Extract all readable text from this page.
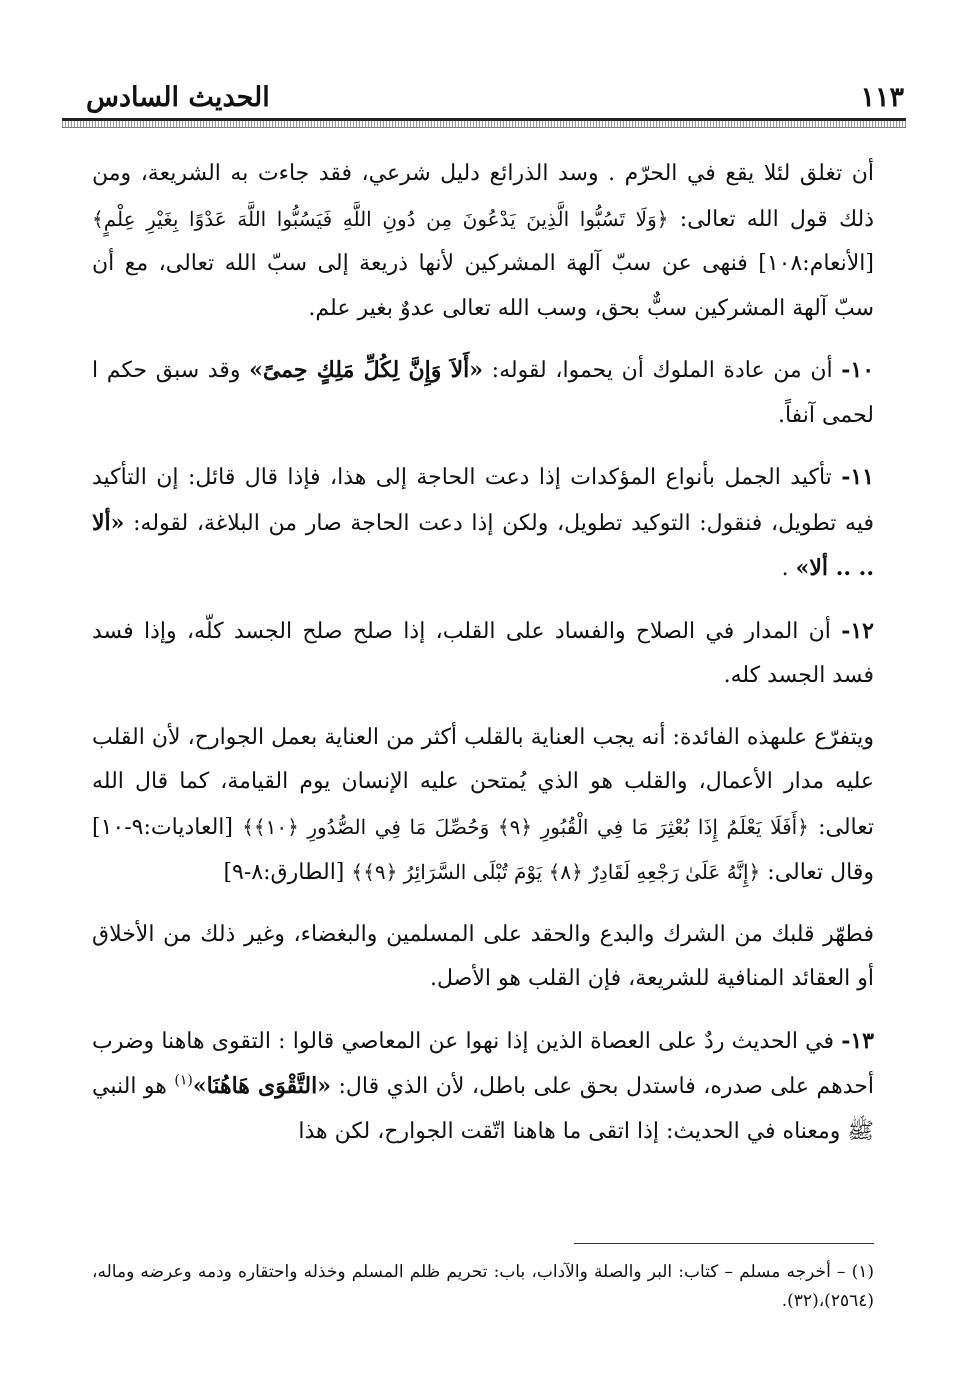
الحديث السادس	١١٣

أن تغلق لئلا يقع في الحرّم . وسد الذرائع دليل شرعي، فقد جاءت به الشريعة، ومن ذلك قول الله تعالى: ﴿وَلَا تَسُبُّوا الَّذِينَ يَدْعُونَ مِن دُونِ اللَّهِ فَيَسُبُّوا اللَّهَ عَدْوًا بِغَيْرِ عِلْمٍ﴾ [الأنعام:١٠٨] فنهى عن سبّ آلهة المشركين لأنها ذريعة إلى سبّ الله تعالى، مع أن سبّ آلهة المشركين سبٌّ بحق، وسب الله تعالى عدوٌ بغير علم.

١٠- أن من عادة الملوك أن يحموا، لقوله: «أَلاَ وَإِنَّ لِكُلِّ مَلِكٍ حِمىً» وقد سبق حكم ا لحمى آنفاً.

١١- تأكيد الجمل بأنواع المؤكدات إذا دعت الحاجة إلى هذا، فإذا قال قائل: إن التأكيد فيه تطويل، فنقول: التوكيد تطويل، ولكن إذا دعت الحاجة صار من البلاغة، لقوله: «ألا .. .. ألا» .

١٢- أن المدار في الصلاح والفساد على القلب، إذا صلح صلح الجسد كلّه، وإذا فسد فسد الجسد كله.

ويتفرّع علىهذه الفائدة: أنه يجب العناية بالقلب أكثر من العناية بعمل الجوارح، لأن القلب عليه مدار الأعمال، والقلب هو الذي يُمتحن عليه الإنسان يوم القيامة، كما قال الله تعالى: ﴿أَفَلَا يَعْلَمُ إِذَا بُعْثِرَ مَا فِي الْقُبُورِ ﴿٩﴾ وَحُصِّلَ مَا فِي الصُّدُورِ ﴿١٠﴾﴾ [العاديات:٩-١٠] وقال تعالى: ﴿إِنَّهُ عَلَىٰ رَجْعِهِ لَقَادِرٌ ﴿٨﴾ يَوْمَ تُبْلَى السَّرَائِرُ ﴿٩﴾﴾ [الطارق:٨-٩]

فطهّر قلبك من الشرك والبدع والحقد على المسلمين والبغضاء، وغير ذلك من الأخلاق أو العقائد المنافية للشريعة، فإن القلب هو الأصل.

١٣- في الحديث ردٌ على العصاة الذين إذا نهوا عن المعاصي قالوا : التقوى هاهنا وضرب أحدهم على صدره، فاستدل بحق على باطل، لأن الذي قال: «التَّقْوَى هَاهُنَا»$^{(١)}$ هو النبي ﷺ ومعناه في الحديث: إذا اتقى ما هاهنا اتّقت الجوارح، لكن هذا

(١) – أخرجه مسلم – كتاب: البر والصلة والآداب، باب: تحريم ظلم المسلم وخذله واحتقاره ودمه وعرضه وماله، (٢٥٦٤)،(٣٢).
